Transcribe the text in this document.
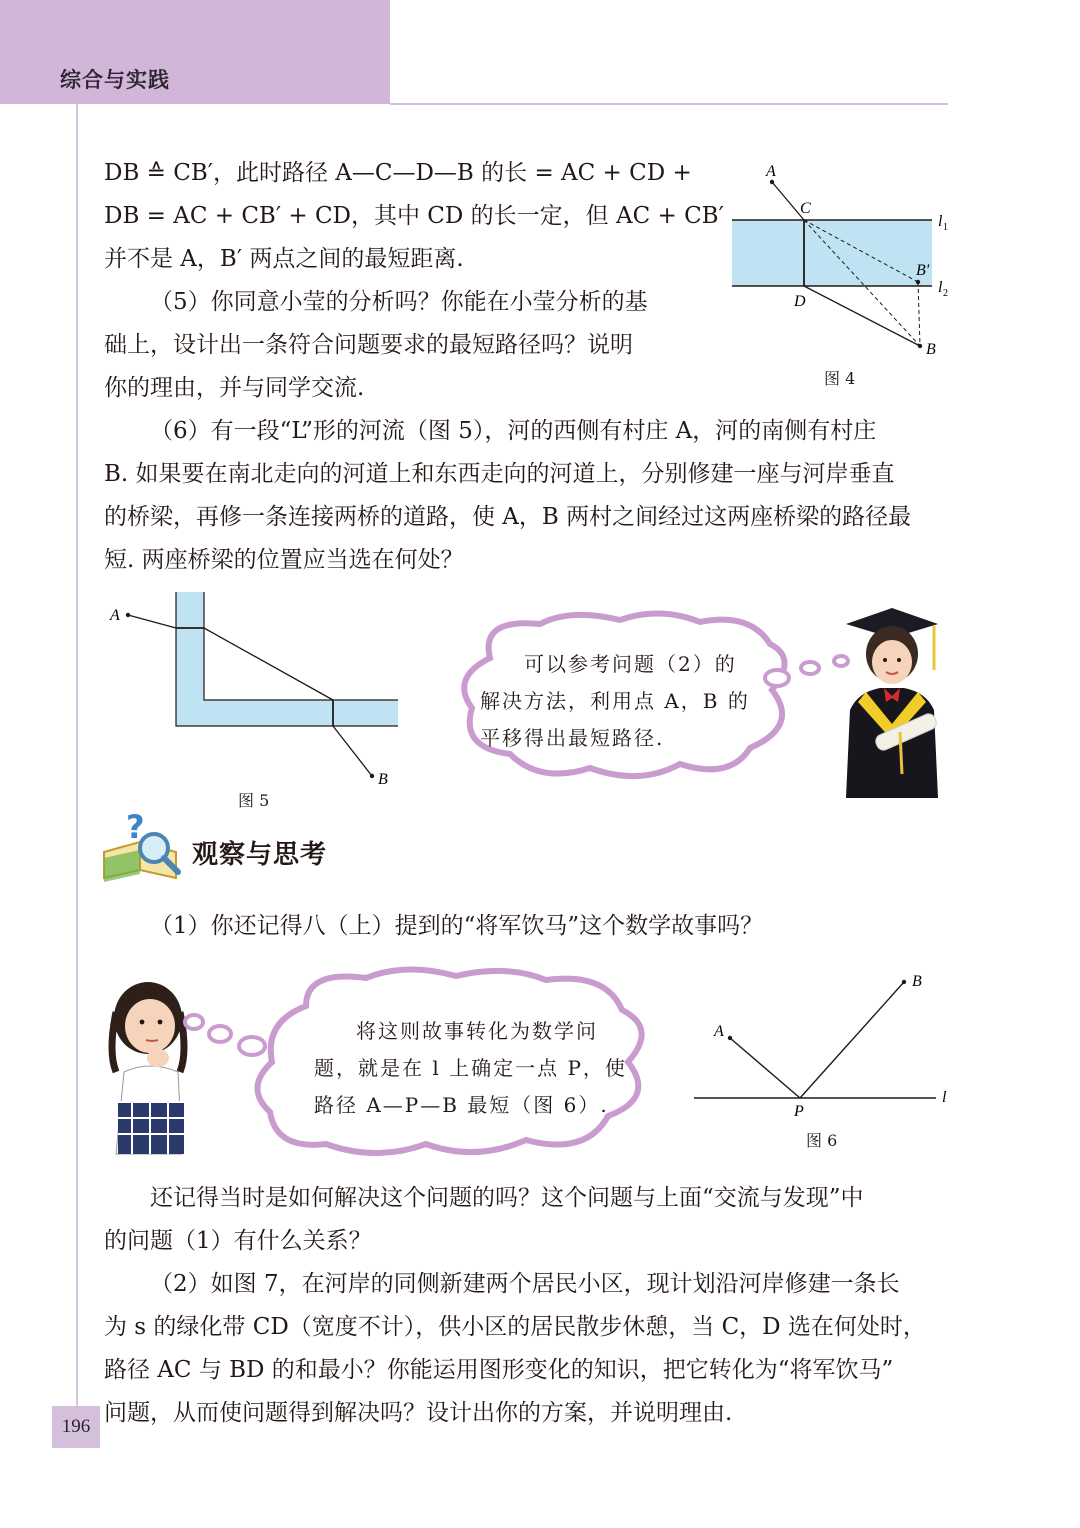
综合与实践

DB ≙ CB′，此时路径 A—C—D—B 的长 = AC + CD +

DB = AC + CB′ + CD，其中 CD 的长一定，但 AC + CB′

并不是 A，B′ 两点之间的最短距离.

（5）你同意小莹的分析吗？你能在小莹分析的基

础上，设计出一条符合问题要求的最短路径吗？说明

你的理由，并与同学交流.

A
C
D
B′
B
l 1
l 2
图 4

（6）有一段“L”形的河流（图 5），河的西侧有村庄 A，河的南侧有村庄

B. 如果要在南北走向的河道上和东西走向的河道上，分别修建一座与河岸垂直

的桥梁，再修一条连接两桥的道路，使 A，B 两村之间经过这两座桥梁的路径最

短. 两座桥梁的位置应当选在何处？

A
B
图 5
可以参考问题（2）的
解决方法，利用点 A，B 的
平移得出最短路径.
?
观察与思考

（1）你还记得八（上）提到的“将军饮马”这个数学故事吗？

将这则故事转化为数学问
题，就是在 l 上确定一点 P，使
路径 A—P—B 最短（图 6）.
A
B
P
l
图 6

还记得当时是如何解决这个问题的吗？这个问题与上面“交流与发现”中

的问题（1）有什么关系？

（2）如图 7，在河岸的同侧新建两个居民小区，现计划沿河岸修建一条长

为 s 的绿化带 CD（宽度不计），供小区的居民散步休憩，当 C，D 选在何处时，

路径 AC 与 BD 的和最小？你能运用图形变化的知识，把它转化为“将军饮马”

问题，从而使问题得到解决吗？设计出你的方案，并说明理由.

196
